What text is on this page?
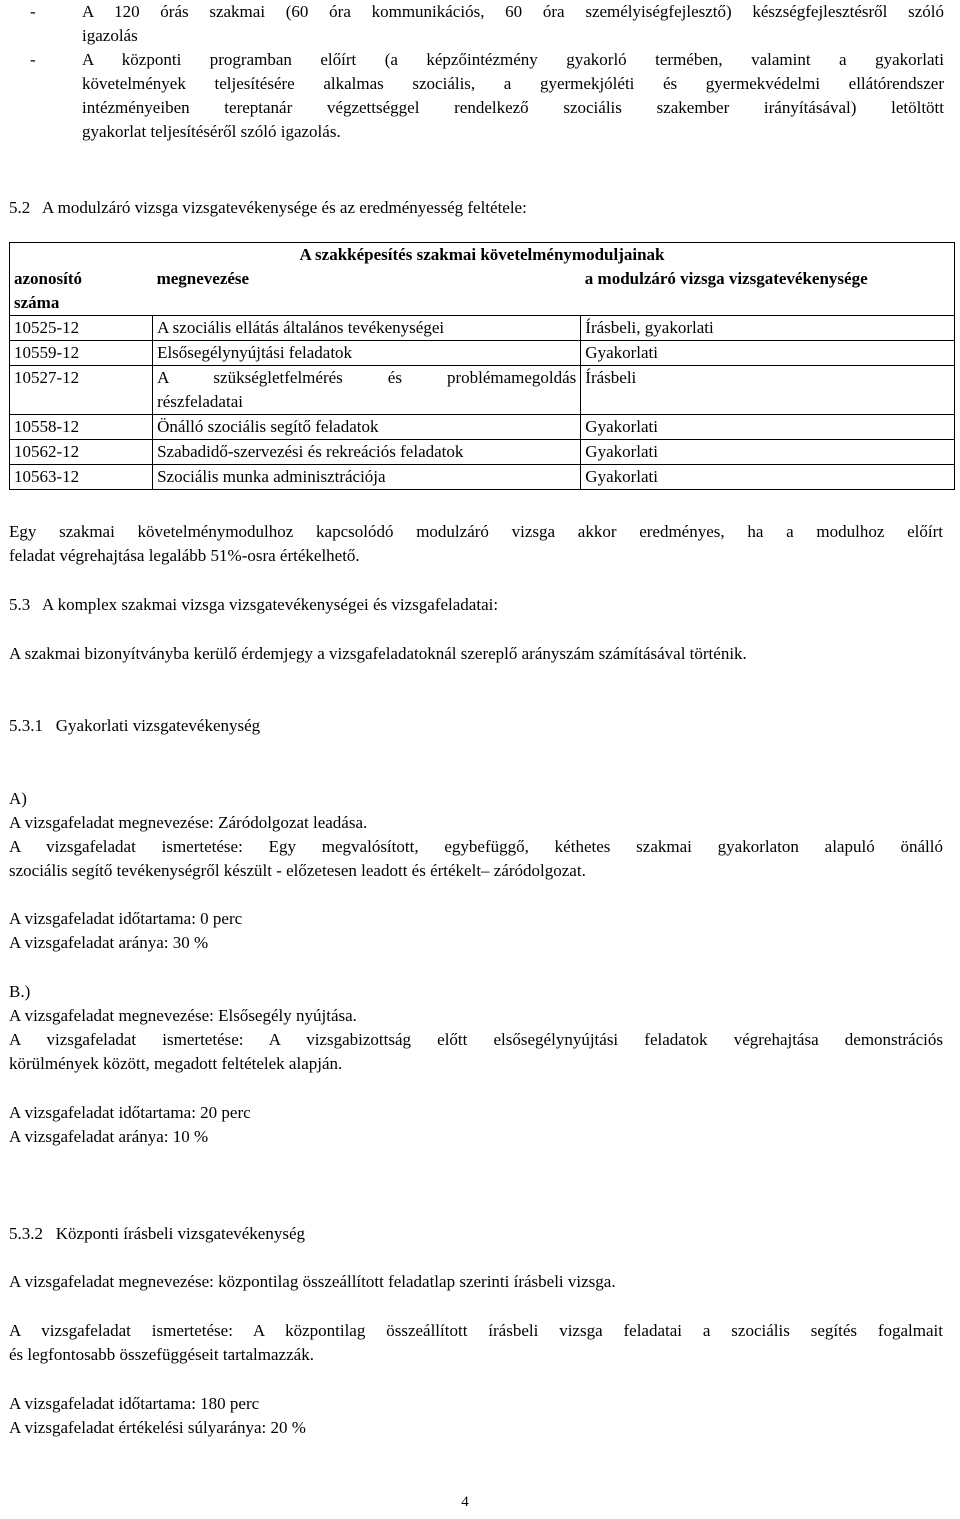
-	A 120 órás szakmai (60 óra kommunikációs, 60 óra személyiségfejlesztő) készségfejlesztésről szóló
igazolás
-	A központi programban előírt (a képzőintézmény gyakorló termében, valamint a gyakorlati
követelmények teljesítésére alkalmas szociális, a gyermekjóléti és gyermekvédelmi ellátórendszer
intézményeiben tereptanár végzettséggel rendelkező szociális szakember irányításával) letöltött
gyakorlat teljesítéséről szóló igazolás.
5.2   A modulzáró vizsga vizsgatevékenysége és az eredményesség feltétele:
A szakképesítés szakmai követelménymoduljainak		

azonosító
száma	megnevezése	a modulzáró vizsga vizsgatevékenysége
10525-12	A szociális ellátás általános tevékenységei	Írásbeli, gyakorlati
10559-12	Elsősegélynyújtási feladatok	Gyakorlati
10527-12	A szükségletfelmérés és problémamegoldás
részfeladatai	Írásbeli
10558-12	Önálló szociális segítő feladatok	Gyakorlati
10562-12	Szabadidő-szervezési és rekreációs feladatok	Gyakorlati
10563-12	Szociális munka adminisztrációja	Gyakorlati
Egy szakmai követelménymodulhoz kapcsolódó modulzáró vizsga akkor eredményes, ha a modulhoz előírt
feladat végrehajtása legalább 51%-osra értékelhető.
5.3   A komplex szakmai vizsga vizsgatevékenységei és vizsgafeladatai:
A szakmai bizonyítványba kerülő érdemjegy a vizsgafeladatoknál szereplő arányszám számításával történik.
5.3.1   Gyakorlati vizsgatevékenység
A)
A vizsgafeladat megnevezése: Záródolgozat leadása.
A vizsgafeladat ismertetése: Egy megvalósított, egybefüggő, kéthetes szakmai gyakorlaton alapuló önálló
szociális segítő tevékenységről készült - előzetesen leadott és értékelt– záródolgozat.
A vizsgafeladat időtartama: 0 perc
A vizsgafeladat aránya: 30 %
B.)
A vizsgafeladat megnevezése: Elsősegély nyújtása.
A vizsgafeladat ismertetése: A vizsgabizottság előtt elsősegélynyújtási feladatok végrehajtása demonstrációs
körülmények között, megadott feltételek alapján.
A vizsgafeladat időtartama: 20 perc
A vizsgafeladat aránya: 10 %
5.3.2   Központi írásbeli vizsgatevékenység
A vizsgafeladat megnevezése: központilag összeállított feladatlap szerinti írásbeli vizsga.
A vizsgafeladat ismertetése: A központilag összeállított írásbeli vizsga feladatai a szociális segítés fogalmait
és legfontosabb összefüggéseit tartalmazzák.
A vizsgafeladat időtartama: 180 perc
A vizsgafeladat értékelési súlyaránya: 20 %
4
